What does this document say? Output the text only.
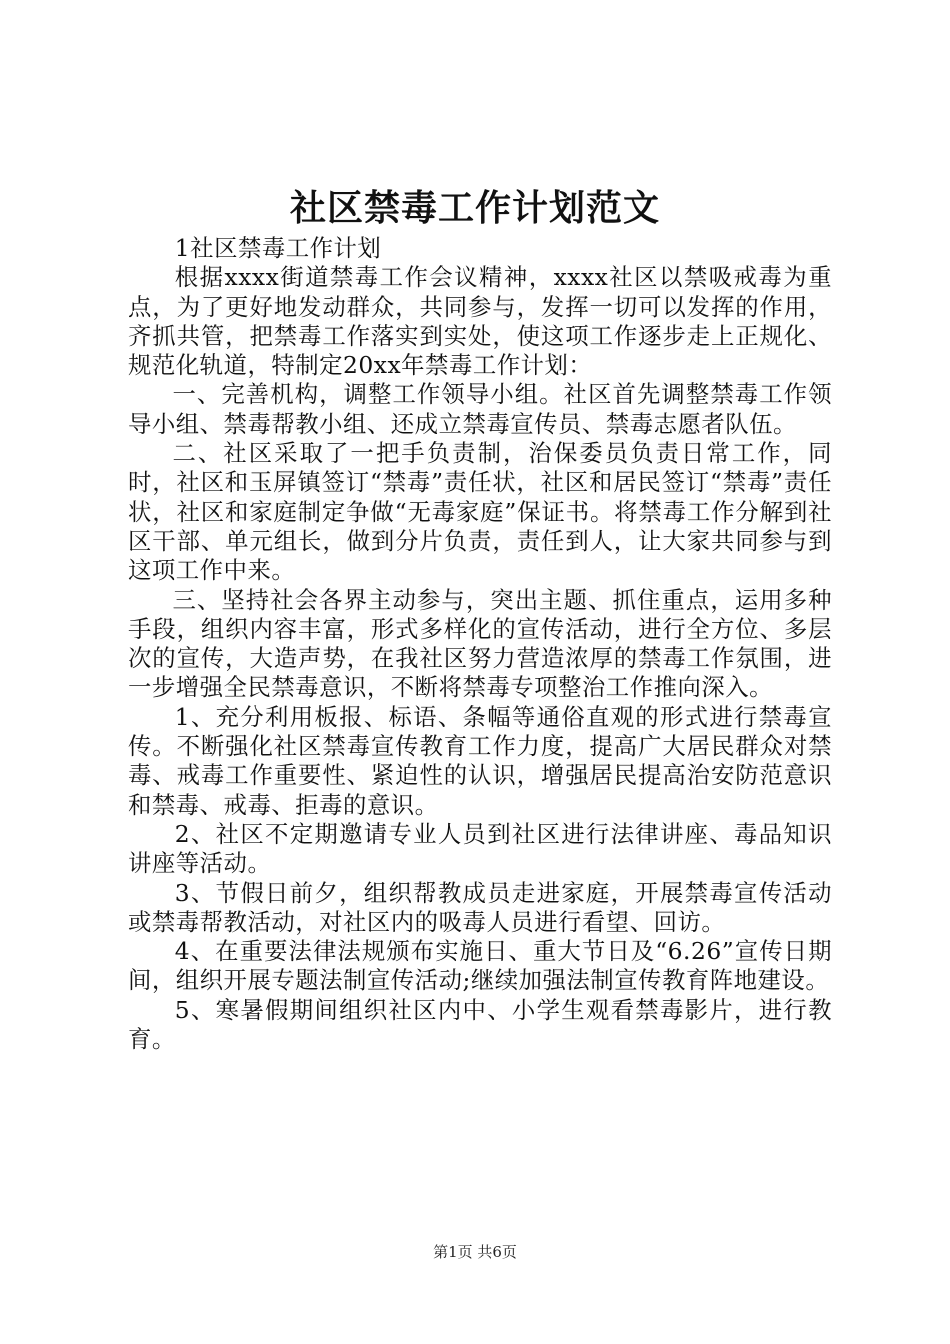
社区禁毒工作计划范文

1社区禁毒工作计划

根据xxxx街道禁毒工作会议精神，xxxx社区以禁吸戒毒为重点，为了更好地发动群众，共同参与，发挥一切可以发挥的作用，齐抓共管，把禁毒工作落实到实处，使这项工作逐步走上正规化、规范化轨道，特制定20xx年禁毒工作计划：

一、完善机构，调整工作领导小组。社区首先调整禁毒工作领导小组、禁毒帮教小组、还成立禁毒宣传员、禁毒志愿者队伍。

二、社区采取了一把手负责制，治保委员负责日常工作，同时，社区和玉屏镇签订“禁毒”责任状，社区和居民签订“禁毒”责任状，社区和家庭制定争做“无毒家庭”保证书。将禁毒工作分解到社区干部、单元组长，做到分片负责，责任到人，让大家共同参与到这项工作中来。

三、坚持社会各界主动参与，突出主题、抓住重点，运用多种手段，组织内容丰富，形式多样化的宣传活动，进行全方位、多层次的宣传，大造声势，在我社区努力营造浓厚的禁毒工作氛围，进一步增强全民禁毒意识，不断将禁毒专项整治工作推向深入。

1、充分利用板报、标语、条幅等通俗直观的形式进行禁毒宣传。不断强化社区禁毒宣传教育工作力度，提高广大居民群众对禁毒、戒毒工作重要性、紧迫性的认识，增强居民提高治安防范意识和禁毒、戒毒、拒毒的意识。

2、社区不定期邀请专业人员到社区进行法律讲座、毒品知识讲座等活动。

3、节假日前夕，组织帮教成员走进家庭，开展禁毒宣传活动或禁毒帮教活动，对社区内的吸毒人员进行看望、回访。

4、在重要法律法规颁布实施日、重大节日及“6.26”宣传日期间，组织开展专题法制宣传活动;继续加强法制宣传教育阵地建设。

5、寒暑假期间组织社区内中、小学生观看禁毒影片，进行教育。

第1页 共6页
